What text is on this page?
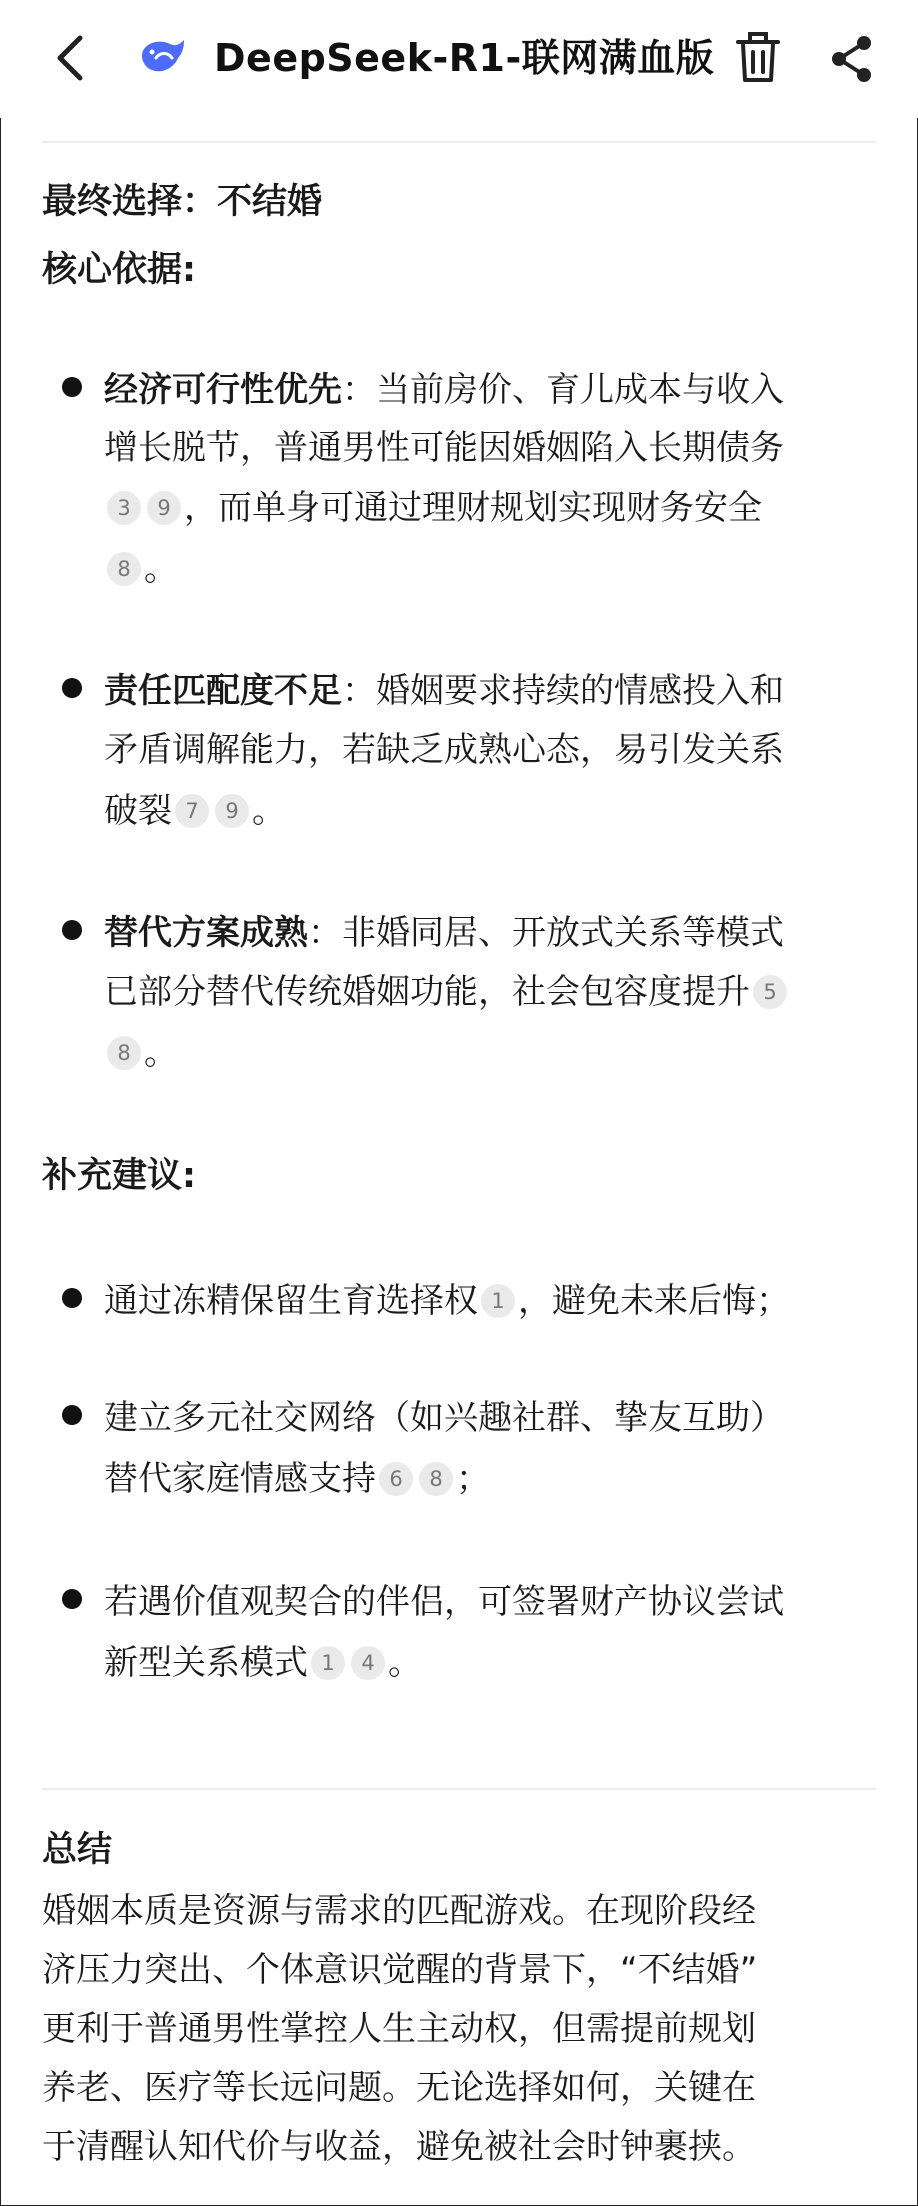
DeepSeek-R1-联网满血版
最终选择：不结婚
核心依据:
经济可行性优先：当前房价、育儿成本与收入
增长脱节，普通男性可能因婚姻陷入长期债务
3 9 ，而单身可通过理财规划实现财务安全
8 。
责任匹配度不足：婚姻要求持续的情感投入和
矛盾调解能力，若缺乏成熟心态，易引发关系
破裂 7 9 。
替代方案成熟：非婚同居、开放式关系等模式
已部分替代传统婚姻功能，社会包容度提升 5
8 。
补充建议:
通过冻精保留生育选择权 1 ，避免未来后悔；
建立多元社交网络（如兴趣社群、挚友互助）
替代家庭情感支持 6 8 ；
若遇价值观契合的伴侣，可签署财产协议尝试
新型关系模式 1 4 。
总结
婚姻本质是资源与需求的匹配游戏。在现阶段经
济压力突出、个体意识觉醒的背景下，“不结婚”
更利于普通男性掌控人生主动权，但需提前规划
养老、医疗等长远问题。无论选择如何，关键在
于清醒认知代价与收益，避免被社会时钟裹挟。
